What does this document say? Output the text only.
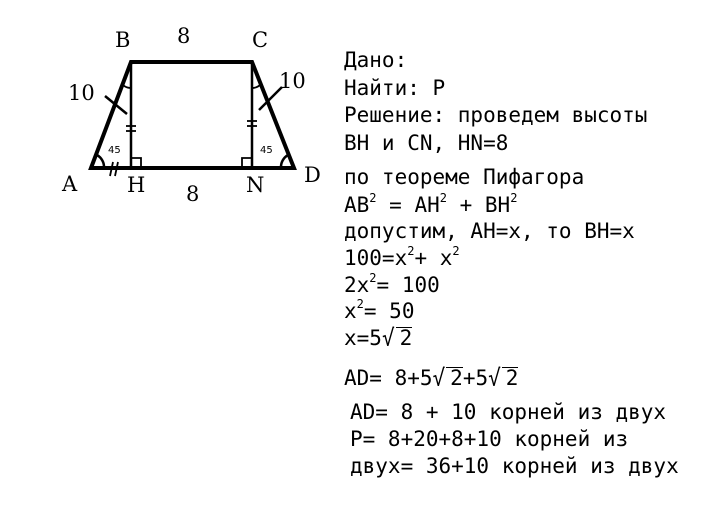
B	C
A	D
H	N
8
8
10	10
45	45

Дано:

Найти: Р

Решение: проведем высоты

BH и CN, HN=8

по теореме Пифагора

$AB^2 = AH^2 + BH^2$

допустим, AH=x, то BH=x

$100=x^2+ x^2$

$2x^2= 100$

$x^2= 50$

x=5√ 2

AD= 8+5√ 2+5√ 2

AD= 8 + 10 корней из двух

P= 8+20+8+10 корней из

двух= 36+10 корней из двух
